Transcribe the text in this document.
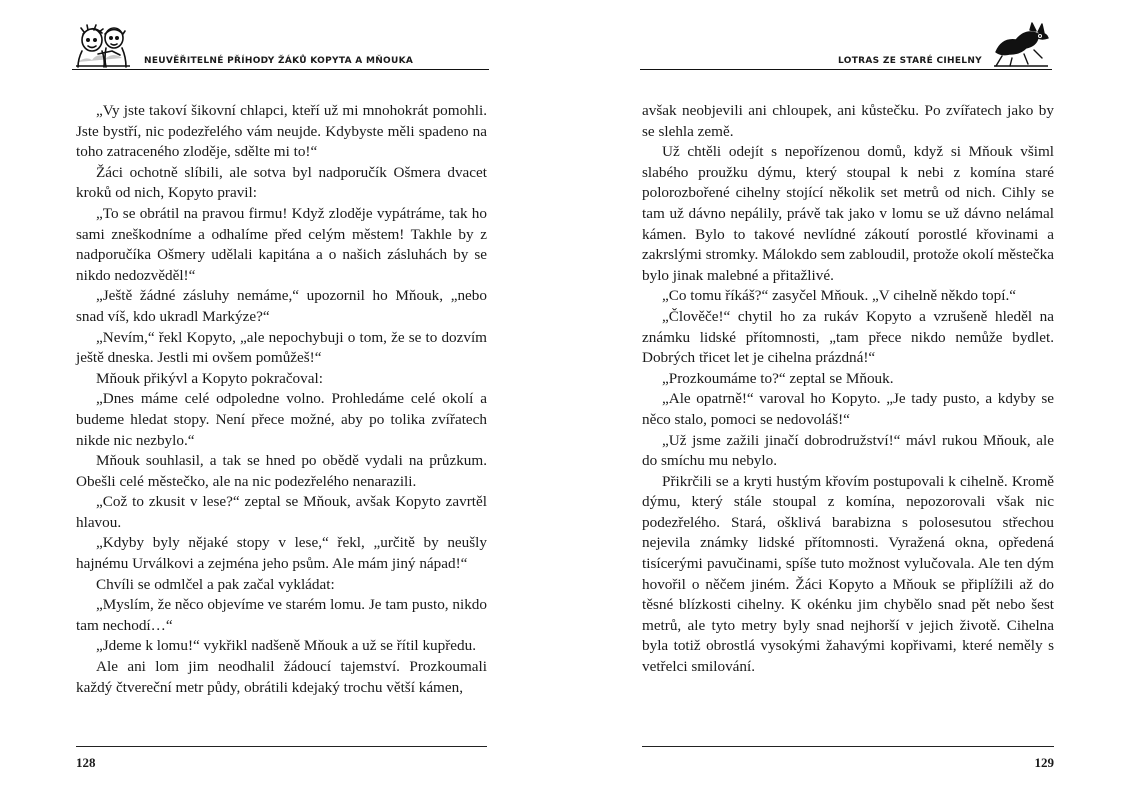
NEUVĚŘITELNÉ PŘÍHODY ŽÁKŮ KOPYTA A MŇOUKA

„Vy jste takoví šikovní chlapci, kteří už mi mnohokrát pomohli. Jste bystří, nic podezřelého vám neujde. Kdybyste měli spadeno na toho zatraceného zloděje, sdělte mi to!“

Žáci ochotně slíbili, ale sotva byl nadporučík Ošmera dvacet kroků od nich, Kopyto pravil:

„To se obrátil na pravou firmu! Když zloděje vypátráme, tak ho sami zneškodníme a odhalíme před celým městem! Takhle by z nadporučíka Ošmery udělali kapitána a o našich zásluhách by se nikdo nedozvěděl!“

„Ještě žádné zásluhy nemáme,“ upozornil ho Mňouk, „nebo snad víš, kdo ukradl Markýze?“

„Nevím,“ řekl Kopyto, „ale nepochybuji o tom, že se to dozvím ještě dneska. Jestli mi ovšem pomůžeš!“

Mňouk přikývl a Kopyto pokračoval:

„Dnes máme celé odpoledne volno. Prohledáme celé okolí a budeme hledat stopy. Není přece možné, aby po tolika zvířatech nikde nic nezbylo.“

Mňouk souhlasil, a tak se hned po obědě vydali na průzkum. Obešli celé městečko, ale na nic podezřelého nenarazili.

„Což to zkusit v lese?“ zeptal se Mňouk, avšak Kopyto zavrtěl hlavou.

„Kdyby byly nějaké stopy v lese,“ řekl, „určitě by neušly hajnému Urválkovi a zejména jeho psům. Ale mám jiný nápad!“

Chvíli se odmlčel a pak začal vykládat:

„Myslím, že něco objevíme ve starém lomu. Je tam pusto, nikdo tam nechodí…“

„Jdeme k lomu!“ vykřikl nadšeně Mňouk a už se řítil kupředu.

Ale ani lom jim neodhalil žádoucí tajemství. Prozkoumali každý čtvereční metr půdy, obrátili kdejaký trochu větší kámen,

128
LOTRAS ZE STARÉ CIHELNY

avšak neobjevili ani chloupek, ani kůstečku. Po zvířatech jako by se slehla země.

Už chtěli odejít s nepořízenou domů, když si Mňouk všiml slabého proužku dýmu, který stoupal k nebi z komína staré polorozbořené cihelny stojící několik set metrů od nich. Cihly se tam už dávno nepálily, právě tak jako v lomu se už dávno nelámal kámen. Bylo to takové nevlídné zákoutí porostlé křovinami a zakrslými stromky. Málokdo sem zabloudil, protože okolí městečka bylo jinak malebné a přitažlivé.

„Co tomu říkáš?“ zasyčel Mňouk. „V cihelně někdo topí.“

„Člověče!“ chytil ho za rukáv Kopyto a vzrušeně hleděl na známku lidské přítomnosti, „tam přece nikdo nemůže bydlet. Dobrých třicet let je cihelna prázdná!“

„Prozkoumáme to?“ zeptal se Mňouk.

„Ale opatrně!“ varoval ho Kopyto. „Je tady pusto, a kdyby se něco stalo, pomoci se nedovoláš!“

„Už jsme zažili jinačí dobrodružství!“ mávl rukou Mňouk, ale do smíchu mu nebylo.

Přikrčili se a kryti hustým křovím postupovali k cihelně. Kromě dýmu, který stále stoupal z komína, nepozorovali však nic podezřelého. Stará, ošklivá barabizna s polosesutou střechou nejevila známky lidské přítomnosti. Vyražená okna, opředená tisícerými pavučinami, spíše tuto možnost vylučovala. Ale ten dým hovořil o něčem jiném. Žáci Kopyto a Mňouk se připlížili až do těsné blízkosti cihelny. K okénku jim chybělo snad pět nebo šest metrů, ale tyto metry byly snad nejhorší v jejich životě. Cihelna byla totiž obrostlá vysokými žahavými kopřivami, které neměly s vetřelci smilování.

129
